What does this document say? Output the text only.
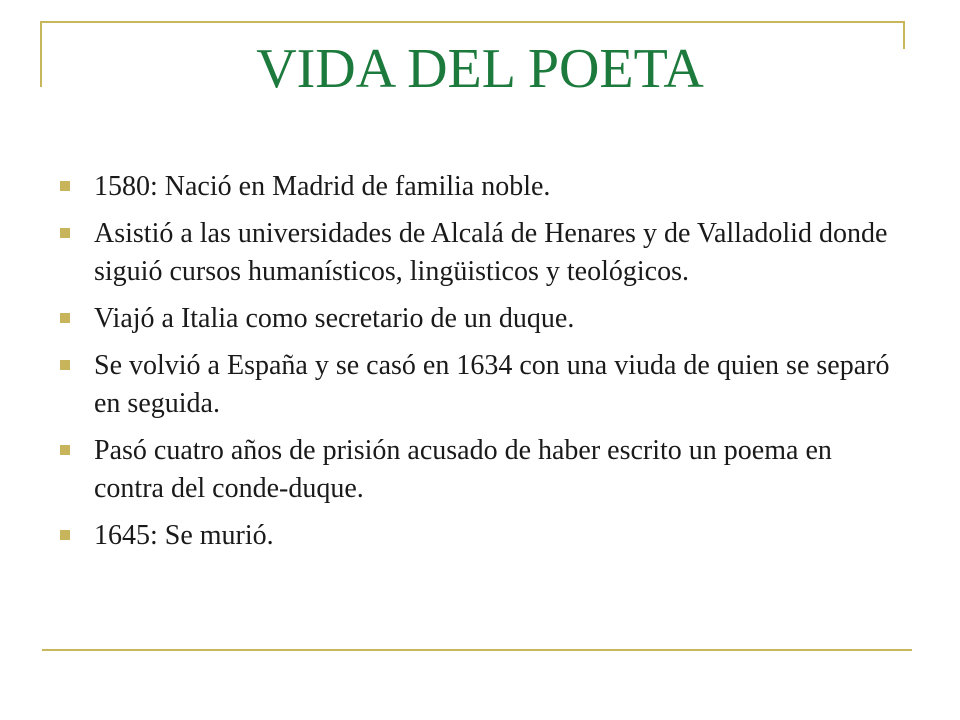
VIDA DEL POETA
1580: Nació en Madrid de familia noble.
Asistió a las universidades de Alcalá de Henares y de Valladolid donde siguió cursos humanísticos, lingüisticos y teológicos.
Viajó a Italia como secretario de un duque.
Se volvió a España y se casó en 1634 con una viuda de quien se separó en seguida.
Pasó cuatro años de prisión acusado de haber escrito un poema en contra del conde-duque.
1645: Se murió.
